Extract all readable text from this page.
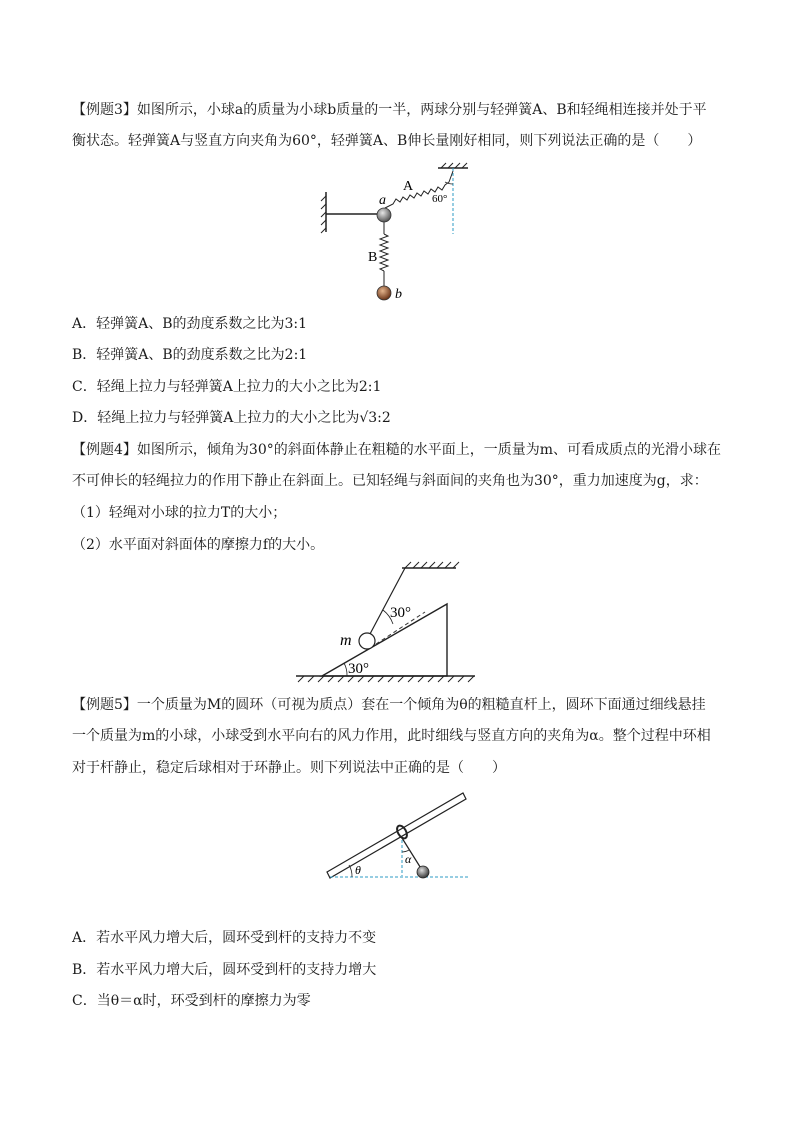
【例题3】如图所示，小球a的质量为小球b质量的一半，两球分别与轻弹簧A、B和轻绳相连接并处于平
衡状态。轻弹簧A与竖直方向夹角为60°，轻弹簧A、B伸长量刚好相同，则下列说法正确的是（　　）
a
b
A
B
60°
A．轻弹簧A、B的劲度系数之比为3:1
B．轻弹簧A、B的劲度系数之比为2:1
C．轻绳上拉力与轻弹簧A上拉力的大小之比为2:1
D．轻绳上拉力与轻弹簧A上拉力的大小之比为√3:2
【例题4】如图所示，倾角为30°的斜面体静止在粗糙的水平面上，一质量为m、可看成质点的光滑小球在
不可伸长的轻绳拉力的作用下静止在斜面上。已知轻绳与斜面间的夹角也为30°，重力加速度为g，求：
（1）轻绳对小球的拉力T的大小；
（2）水平面对斜面体的摩擦力f的大小。
m
30°
30°
【例题5】一个质量为M的圆环（可视为质点）套在一个倾角为θ的粗糙直杆上，圆环下面通过细线悬挂
一个质量为m的小球，小球受到水平向右的风力作用，此时细线与竖直方向的夹角为α。整个过程中环相
对于杆静止，稳定后球相对于环静止。则下列说法中正确的是（　　）
θ
α
A．若水平风力增大后，圆环受到杆的支持力不变
B．若水平风力增大后，圆环受到杆的支持力增大
C．当θ＝α时，环受到杆的摩擦力为零
